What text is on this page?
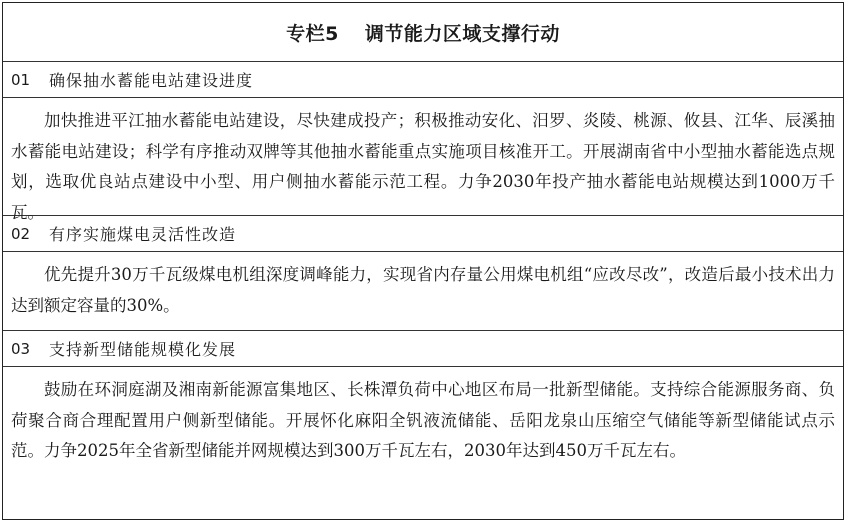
专栏5 调节能力区域支撑行动
01	确保抽水蓄能电站建设进度
加快推进平江抽水蓄能电站建设，尽快建成投产；积极推动安化、汨罗、炎陵、桃源、攸县、江华、辰溪抽水蓄能电站建设；科学有序推动双牌等其他抽水蓄能重点实施项目核准开工。开展湖南省中小型抽水蓄能选点规划，选取优良站点建设中小型、用户侧抽水蓄能示范工程。力争2030年投产抽水蓄能电站规模达到1000万千瓦。
02	有序实施煤电灵活性改造
优先提升30万千瓦级煤电机组深度调峰能力，实现省内存量公用煤电机组“应改尽改”，改造后最小技术出力达到额定容量的30%。
03	支持新型储能规模化发展
鼓励在环洞庭湖及湘南新能源富集地区、长株潭负荷中心地区布局一批新型储能。支持综合能源服务商、负荷聚合商合理配置用户侧新型储能。开展怀化麻阳全钒液流储能、岳阳龙泉山压缩空气储能等新型储能试点示范。力争2025年全省新型储能并网规模达到300万千瓦左右，2030年达到450万千瓦左右。
